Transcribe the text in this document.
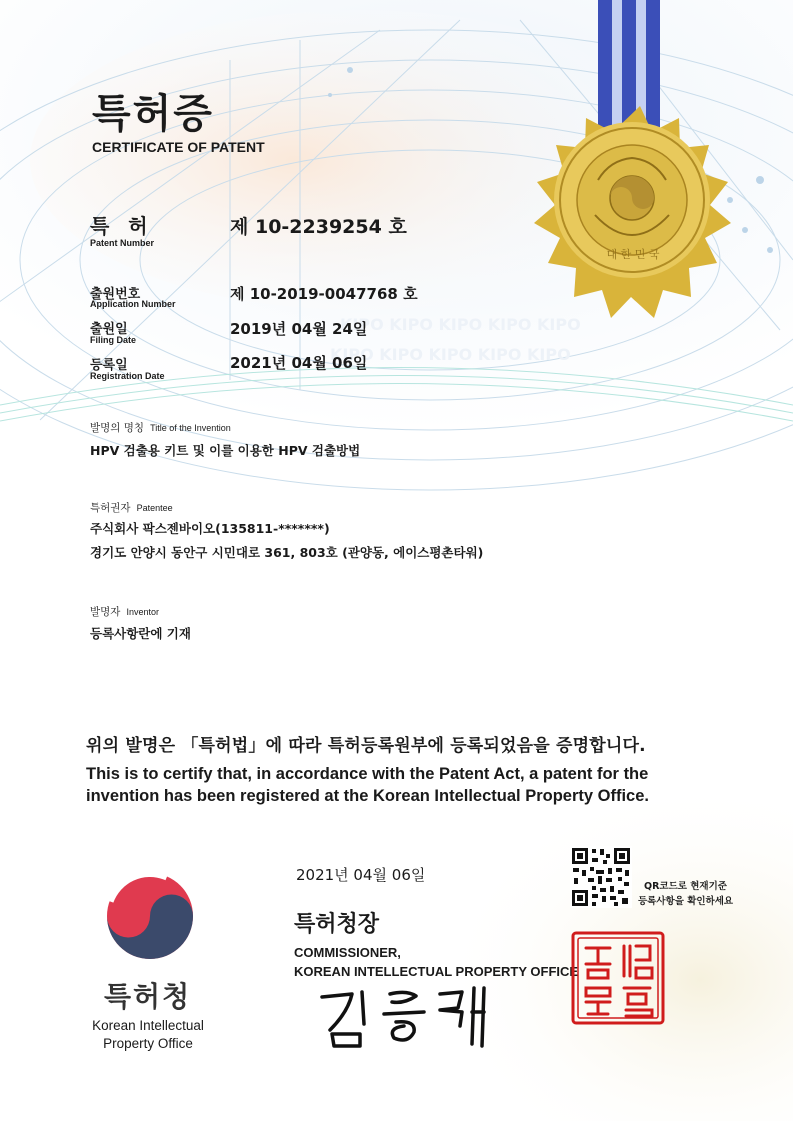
KIPO KIPO KIPO KIPO KIPO
KIPO KIPO KIPO KIPO KIPO
대 한 민 국
특허증
CERTIFICATE OF PATENT
특 허
Patent Number
제 10-2239254 호
출원번호
Application Number
제 10-2019-0047768 호
출원일
Filing Date
2019년 04월 24일
등록일
Registration Date
2021년 04월 06일
발명의 명칭 Title of the Invention
HPV 검출용 키트 및 이를 이용한 HPV 검출방법
특허권자 Patentee
주식회사 팍스젠바이오(135811-*******)
경기도 안양시 동안구 시민대로 361, 803호 (관양동, 에이스평촌타워)
발명자 Inventor
등록사항란에 기재
위의 발명은 「특허법」에 따라 특허등록원부에 등록되었음을 증명합니다.
This is to certify that, in accordance with the Patent Act, a patent for the
invention has been registered at the Korean Intellectual Property Office.
2021년 04월 06일
QR코드로 현재기준
등록사항을 확인하세요
특허청장
COMMISSIONER,
KOREAN INTELLECTUAL PROPERTY OFFICE
특허청
Korean Intellectual
Property Office
